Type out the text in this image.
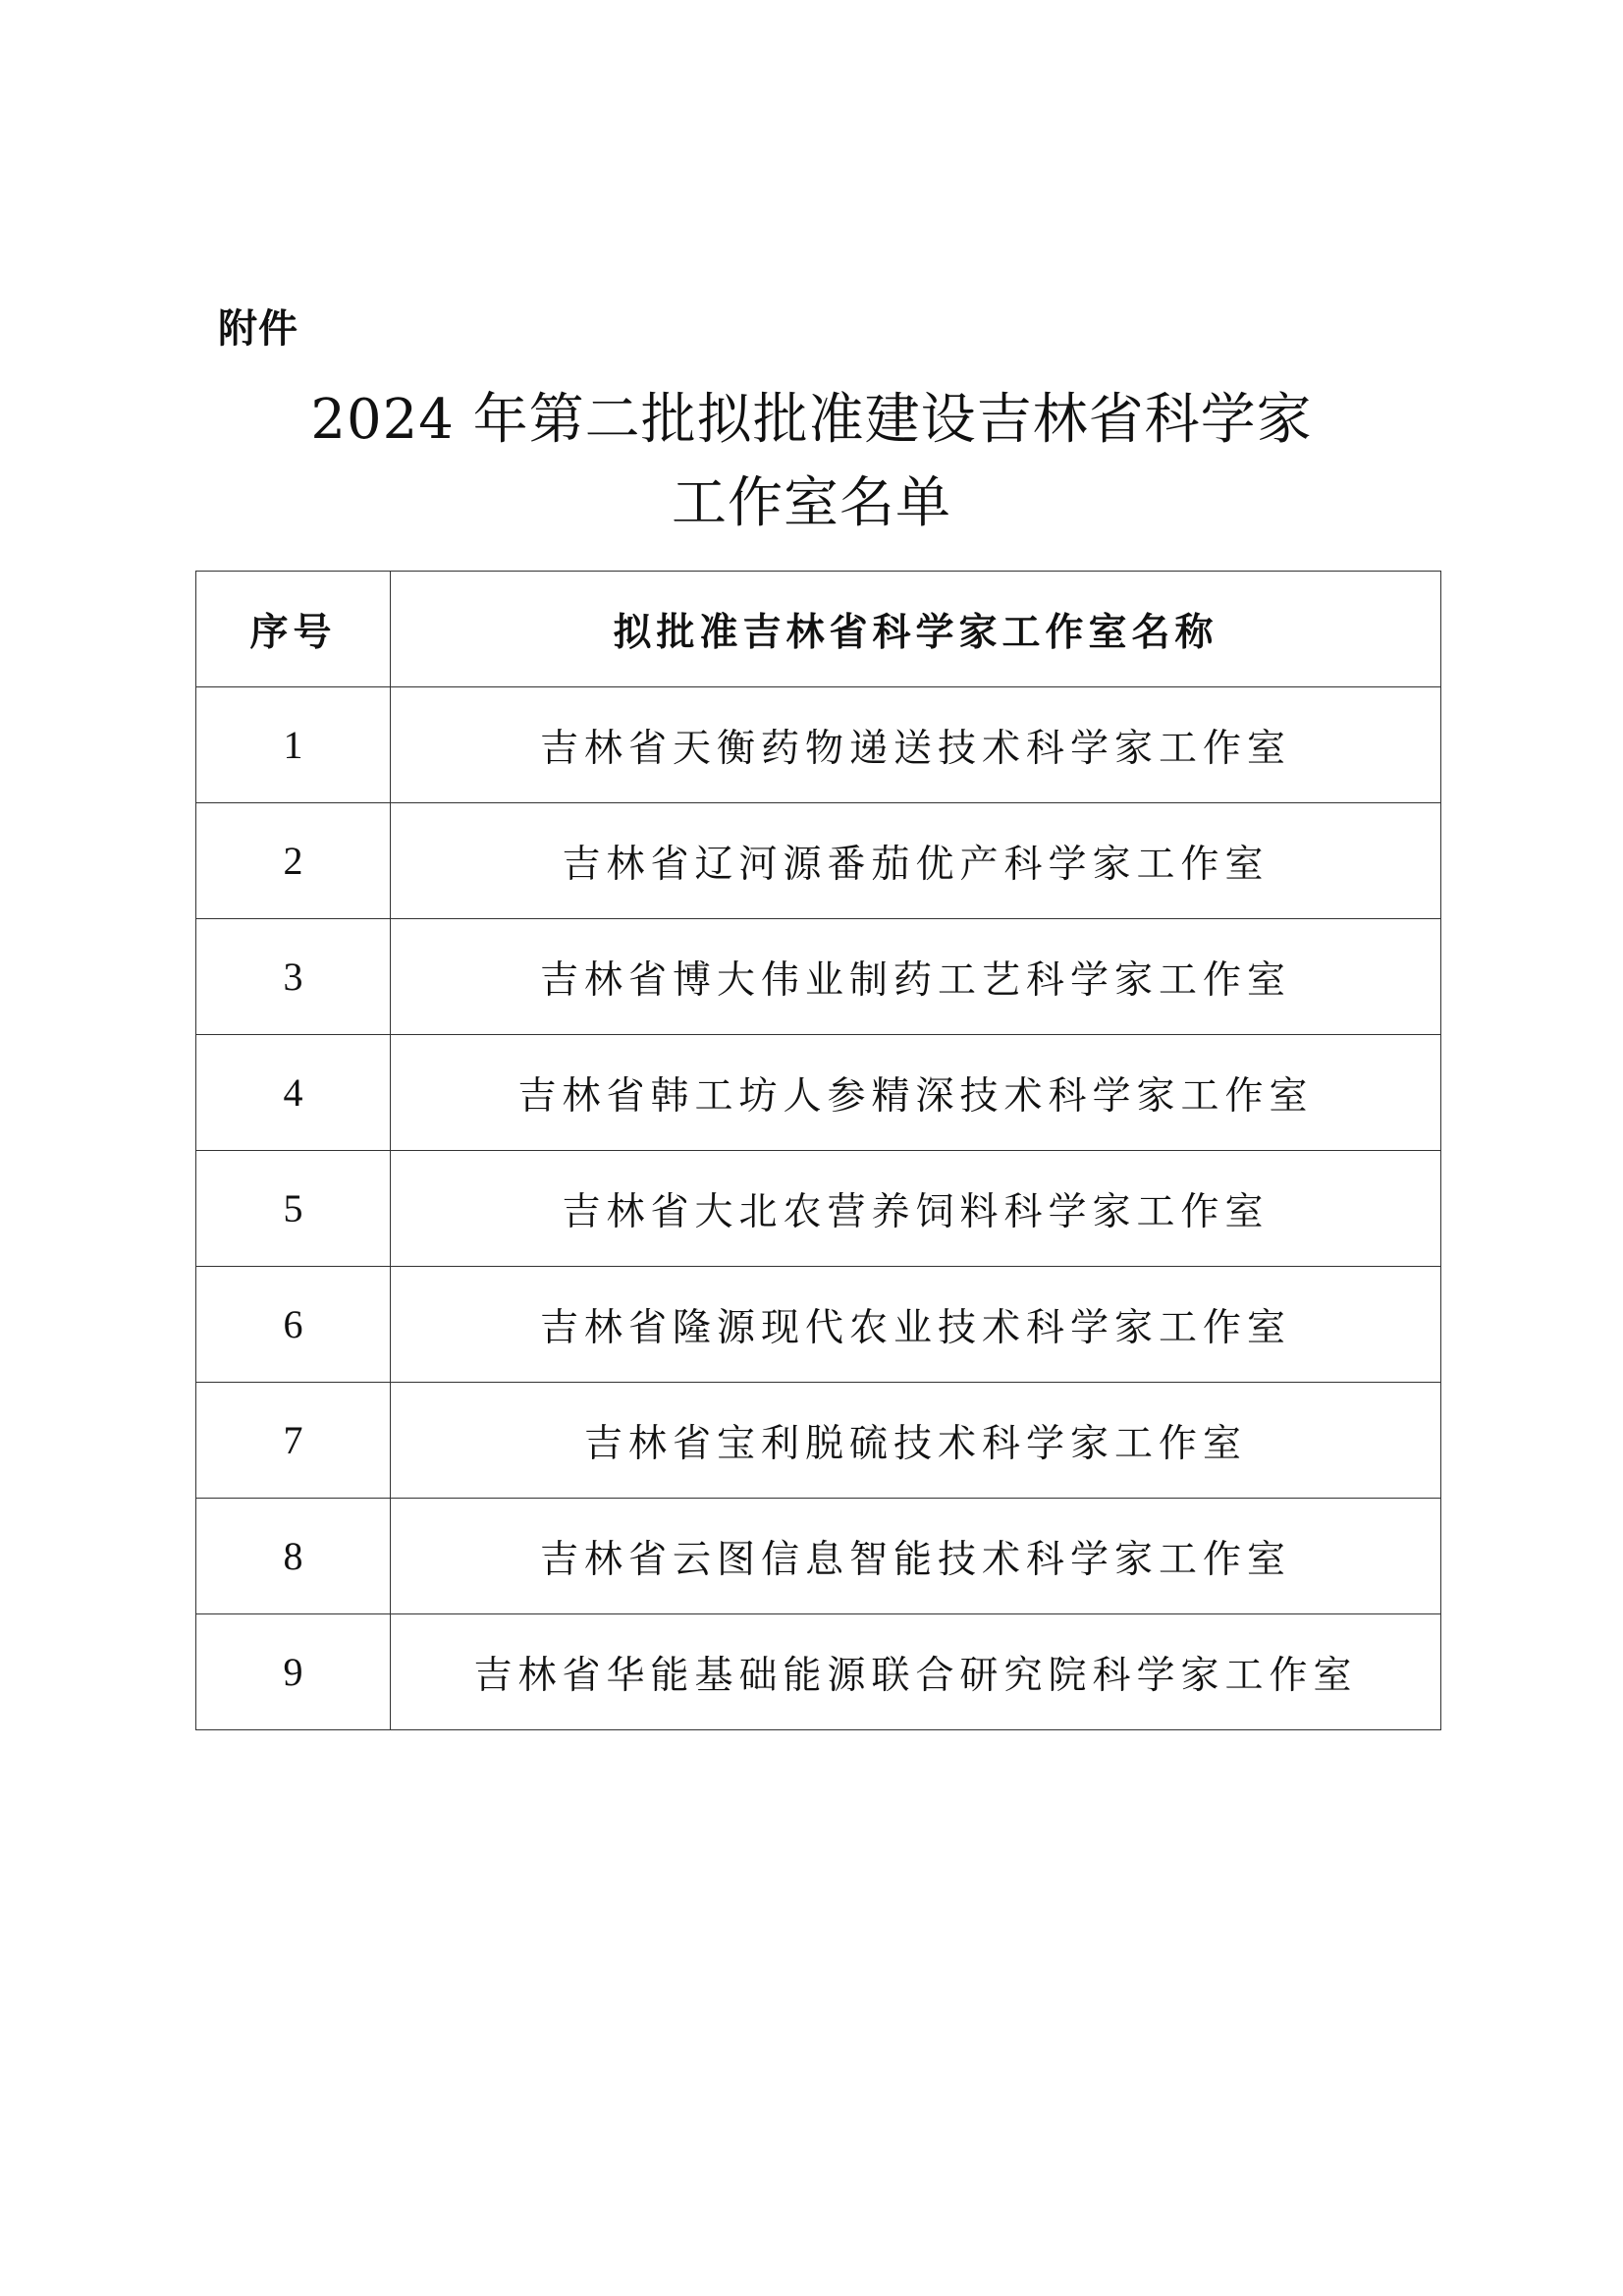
附件
2024 年第二批拟批准建设吉林省科学家
工作室名单
序号	拟批准吉林省科学家工作室名称
1	吉林省天衡药物递送技术科学家工作室
2	吉林省辽河源番茄优产科学家工作室
3	吉林省博大伟业制药工艺科学家工作室
4	吉林省韩工坊人参精深技术科学家工作室
5	吉林省大北农营养饲料科学家工作室
6	吉林省隆源现代农业技术科学家工作室
7	吉林省宝利脱硫技术科学家工作室
8	吉林省云图信息智能技术科学家工作室
9	吉林省华能基础能源联合研究院科学家工作室
